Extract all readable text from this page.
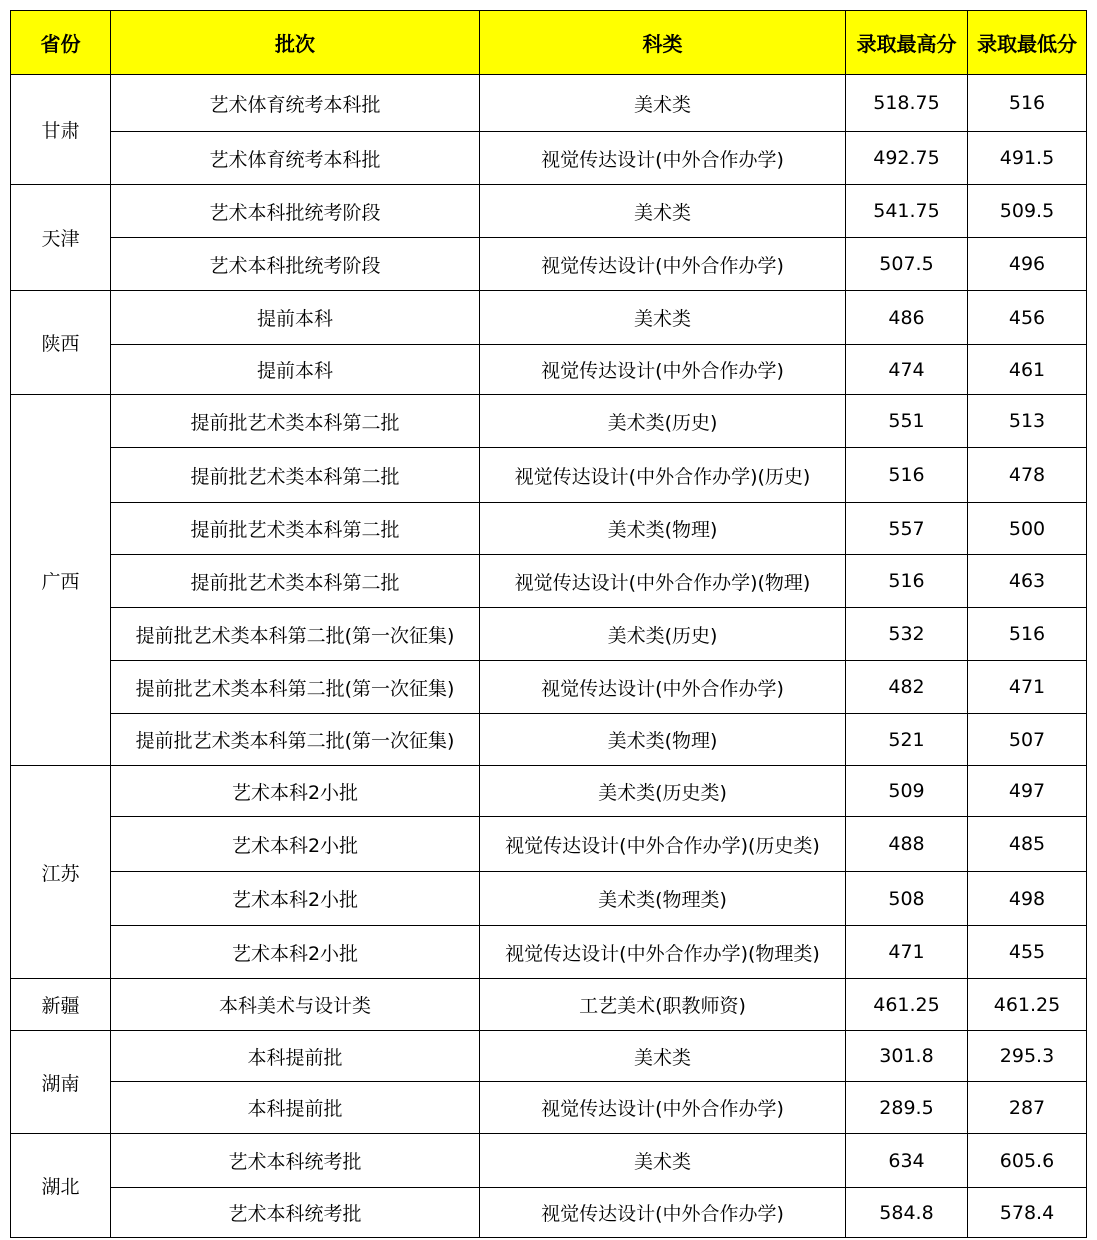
省份	批次	科类	录取最高分	录取最低分
甘肃	艺术体育统考本科批	美术类	518.75	516
	艺术体育统考本科批	视觉传达设计(中外合作办学)	492.75	491.5
天津	艺术本科批统考阶段	美术类	541.75	509.5
	艺术本科批统考阶段	视觉传达设计(中外合作办学)	507.5	496
陕西	提前本科	美术类	486	456
	提前本科	视觉传达设计(中外合作办学)	474	461
广西	提前批艺术类本科第二批	美术类(历史)	551	513
	提前批艺术类本科第二批	视觉传达设计(中外合作办学)(历史)	516	478
	提前批艺术类本科第二批	美术类(物理)	557	500
	提前批艺术类本科第二批	视觉传达设计(中外合作办学)(物理)	516	463
	提前批艺术类本科第二批(第一次征集)	美术类(历史)	532	516
	提前批艺术类本科第二批(第一次征集)	视觉传达设计(中外合作办学)	482	471
	提前批艺术类本科第二批(第一次征集)	美术类(物理)	521	507
江苏	艺术本科2小批	美术类(历史类)	509	497
	艺术本科2小批	视觉传达设计(中外合作办学)(历史类)	488	485
	艺术本科2小批	美术类(物理类)	508	498
	艺术本科2小批	视觉传达设计(中外合作办学)(物理类)	471	455
新疆	本科美术与设计类	工艺美术(职教师资)	461.25	461.25
湖南	本科提前批	美术类	301.8	295.3
	本科提前批	视觉传达设计(中外合作办学)	289.5	287
湖北	艺术本科统考批	美术类	634	605.6
	艺术本科统考批	视觉传达设计(中外合作办学)	584.8	578.4
